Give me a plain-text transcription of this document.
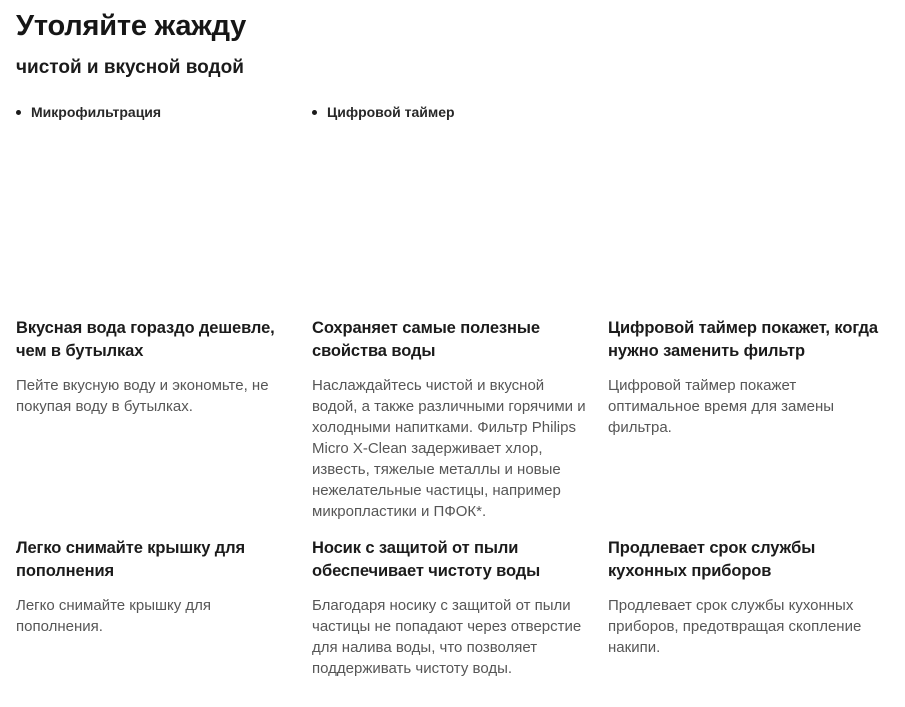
Утоляйте жажду
чистой и вкусной водой
Микрофильтрация	Цифровой таймер
Вкусная вода гораздо дешевле, чем в бутылках

Пейте вкусную воду и экономьте, не покупая воду в бутылках.

Сохраняет самые полезные свойства воды

Наслаждайтесь чистой и вкусной водой, а также различными горячими и холодными напитками. Фильтр Philips Micro X-Clean задерживает хлор, известь, тяжелые металлы и новые нежелательные частицы, например микропластики и ПФОК*.

Цифровой таймер покажет, когда нужно заменить фильтр

Цифровой таймер покажет оптимальное время для замены фильтра.

Легко снимайте крышку для пополнения

Легко снимайте крышку для пополнения.

Носик с защитой от пыли обеспечивает чистоту воды

Благодаря носику с защитой от пыли частицы не попадают через отверстие для налива воды, что позволяет поддерживать чистоту воды.

Продлевает срок службы кухонных приборов

Продлевает срок службы кухонных приборов, предотвращая скопление накипи.
